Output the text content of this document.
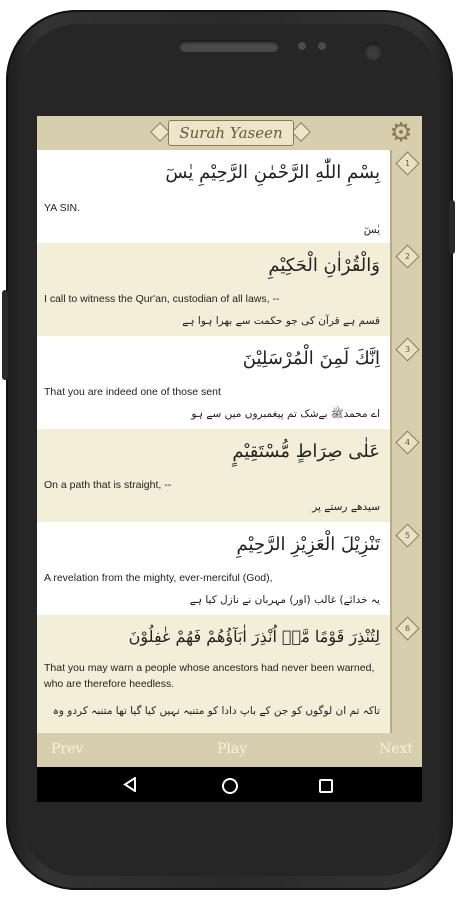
Surah Yaseen	⚙
بِسْمِ اللّٰهِ الرَّحْمٰنِ الرَّحِیْمِ یٰسٓ
YA SIN.
یٰسٓ
وَالْقُرْاٰنِ الْحَكِیْمِ
I call to witness the Qur'an, custodian of all laws, --
قسم ہے قرآن کی جو حکمت سے بھرا ہوا ہے
اِنَّكَ لَمِنَ الْمُرْسَلِیْنَ
That you are indeed one of those sent
اے محمدﷺ بےشک تم پیغمبروں میں سے ہو
عَلٰى صِرَاطٍ مُّسْتَقِیْمٍ
On a path that is straight, --
سیدھے رستے پر
تَنْزِیْلَ الْعَزِیْزِ الرَّحِیْمِ
A revelation from the mighty, ever-merciful (God),
یہ خدائے) غالب (اور) مہربان نے نازل کیا ہے
لِتُنْذِرَ قَوْمًا مَّاۤ اُنْذِرَ اٰبَآؤُهُمْ فَهُمْ غٰفِلُوْنَ
That you may warn a people whose ancestors had never been warned, who are therefore heedless.
تاکہ تم ان لوگوں کو جن کے باپ دادا کو متنبہ نہیں کیا گیا تھا متنبہ کردو وہ
1
2
3
4
5
6
Prev	Play	Next
